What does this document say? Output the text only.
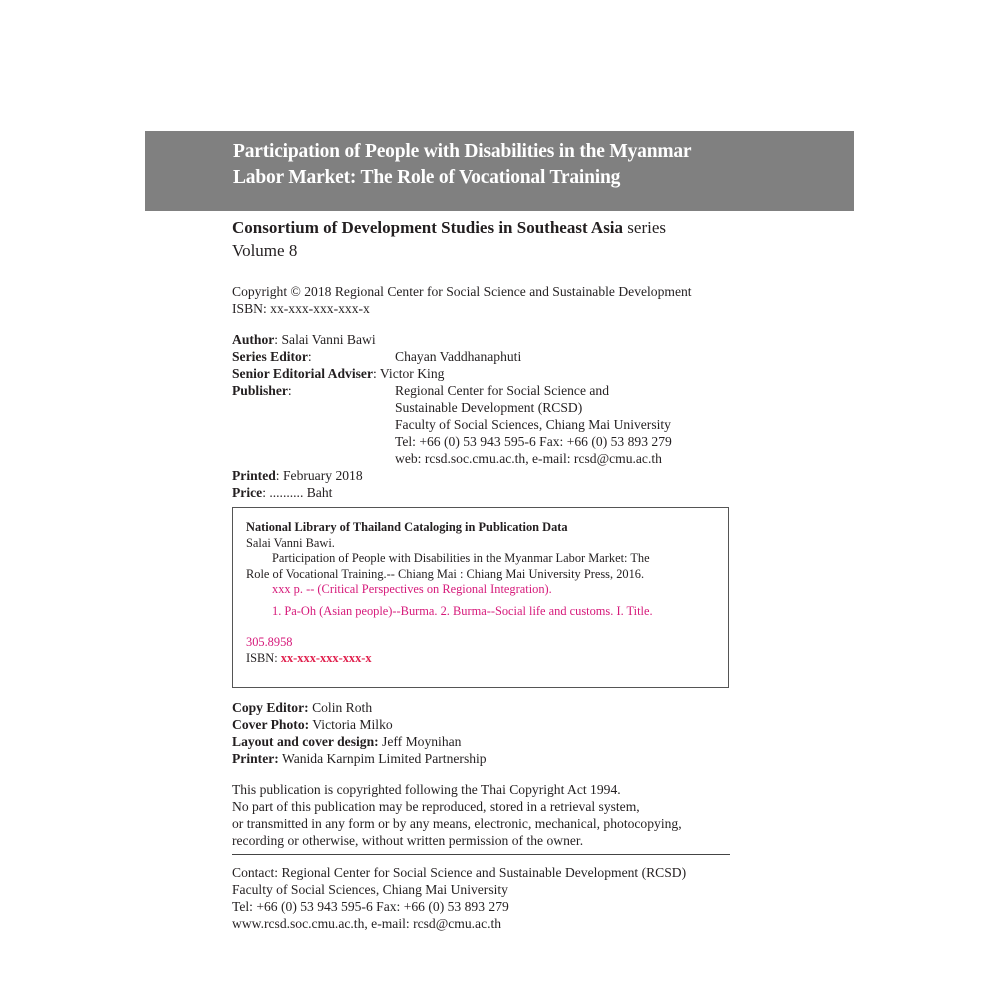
Participation of People with Disabilities in the Myanmar
Labor Market: The Role of Vocational Training
Consortium of Development Studies in Southeast Asia series
Volume 8
Copyright © 2018 Regional Center for Social Science and Sustainable Development
ISBN: xx-xxx-xxx-xxx-x
Author: Salai Vanni Bawi
Series Editor:	Chayan Vaddhanaphuti
Senior Editorial Adviser: Victor King
Publisher:	Regional Center for Social Science and
Sustainable Development (RCSD)
Faculty of Social Sciences, Chiang Mai University
Tel: +66 (0) 53 943 595-6 Fax: +66 (0) 53 893 279
web: rcsd.soc.cmu.ac.th, e-mail: rcsd@cmu.ac.th
Printed: February 2018
Price: .......... Baht
National Library of Thailand Cataloging in Publication Data
Salai Vanni Bawi.
Participation of People with Disabilities in the Myanmar Labor Market: The
Role of Vocational Training.-- Chiang Mai : Chiang Mai University Press, 2016.
xxx p. -- (Critical Perspectives on Regional Integration).
1. Pa-Oh (Asian people)--Burma. 2. Burma--Social life and customs. I. Title.
305.8958
ISBN: xx-xxx-xxx-xxx-x
Copy Editor: Colin Roth
Cover Photo: Victoria Milko
Layout and cover design: Jeff Moynihan
Printer: Wanida Karnpim Limited Partnership
This publication is copyrighted following the Thai Copyright Act 1994.
No part of this publication may be reproduced, stored in a retrieval system,
or transmitted in any form or by any means, electronic, mechanical, photocopying,
recording or otherwise, without written permission of the owner.
Contact: Regional Center for Social Science and Sustainable Development (RCSD)
Faculty of Social Sciences, Chiang Mai University
Tel: +66 (0) 53 943 595-6 Fax: +66 (0) 53 893 279
www.rcsd.soc.cmu.ac.th, e-mail: rcsd@cmu.ac.th
